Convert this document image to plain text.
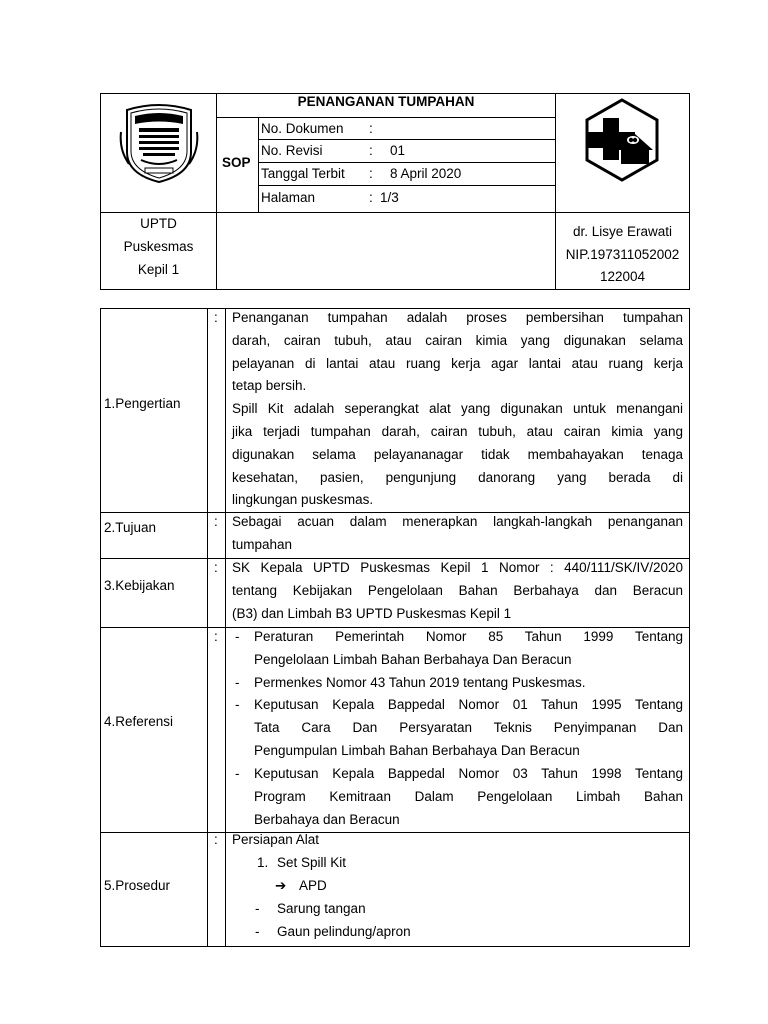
PENANGANAN TUMPAHAN
SOP
No. Dokumen :
No. Revisi	: 01
Tanggal Terbit : 8 April 2020
Halaman	: 1/3
UPTD
Puskesmas
Kepil 1
dr. Lisye Erawati
NIP.197311052002
122004
1.Pengertian
: Penanganan tumpahan adalah proses pembersihan tumpahan
darah, cairan tubuh, atau cairan kimia yang digunakan selama
pelayanan di lantai atau ruang kerja agar lantai atau ruang kerja
tetap bersih.
Spill Kit adalah seperangkat alat yang digunakan untuk menangani
jika terjadi tumpahan darah, cairan tubuh, atau cairan kimia yang
digunakan selama pelayananagar tidak membahayakan tenaga
kesehatan, pasien, pengunjung danorang yang berada di
lingkungan puskesmas.
2.Tujuan	: Sebagai acuan dalam menerapkan langkah-langkah penanganan
tumpahan
3.Kebijakan
: SK Kepala UPTD Puskesmas Kepil 1 Nomor : 440/111/SK/IV/2020
tentang Kebijakan Pengelolaan Bahan Berbahaya dan Beracun
(B3) dan Limbah B3 UPTD Puskesmas Kepil 1
4.Referensi
: - Peraturan Pemerintah Nomor 85 Tahun 1999 Tentang
Pengelolaan Limbah Bahan Berbahaya Dan Beracun
- Permenkes Nomor 43 Tahun 2019 tentang Puskesmas.
- Keputusan Kepala Bappedal Nomor 01 Tahun 1995 Tentang
Tata Cara Dan Persyaratan Teknis Penyimpanan Dan
Pengumpulan Limbah Bahan Berbahaya Dan Beracun
- Keputusan Kepala Bappedal Nomor 03 Tahun 1998 Tentang
Program Kemitraan Dalam Pengelolaan Limbah Bahan
Berbahaya dan Beracun
5.Prosedur
: Persiapan Alat
1. Set Spill Kit
➔ APD
- Sarung tangan
- Gaun pelindung/apron
